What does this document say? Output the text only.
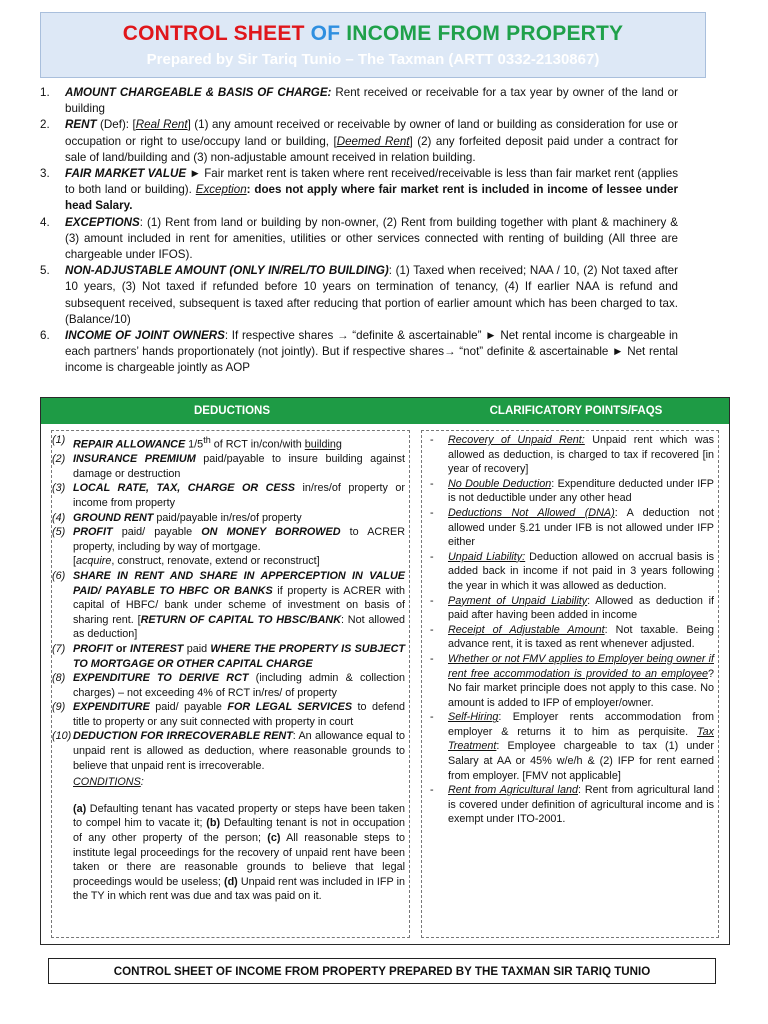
CONTROL SHEET OF INCOME FROM PROPERTY
Prepared by Sir Tariq Tunio – The Taxman (ARTT 0332-2130867)
1.	AMOUNT CHARGEABLE & BASIS OF CHARGE: Rent received or receivable for a tax year by owner of the land or building
2.	RENT (Def): [Real Rent] (1) any amount received or receivable by owner of land or building as consideration for use or occupation or right to use/occupy land or building, [Deemed Rent] (2) any forfeited deposit paid under a contract for sale of land/building and (3) non-adjustable amount received in relation building.
3.	FAIR MARKET VALUE ► Fair market rent is taken where rent received/receivable is less than fair market rent (applies to both land or building). Exception: does not apply where fair market rent is included in income of lessee under head Salary.
4.	EXCEPTIONS: (1) Rent from land or building by non-owner, (2) Rent from building together with plant & machinery & (3) amount included in rent for amenities, utilities or other services connected with renting of building (All three are chargeable under IFOS).
5.	NON-ADJUSTABLE AMOUNT (ONLY IN/REL/TO BUILDING): (1) Taxed when received; NAA / 10, (2) Not taxed after 10 years, (3) Not taxed if refunded before 10 years on termination of tenancy, (4) If earlier NAA is refund and subsequent received, subsequent is taxed after reducing that portion of earlier amount which has been charged to tax. (Balance/10)
6.	INCOME OF JOINT OWNERS: If respective shares → “definite & ascertainable” ► Net rental income is chargeable in each partners’ hands proportionately (not jointly). But if respective shares→ “not” definite & ascertainable ► Net rental income is chargeable jointly as AOP
DEDUCTIONS	CLARIFICATORY POINTS/FAQS
(1) REPAIR ALLOWANCE 1/5th of RCT in/con/with building
(2) INSURANCE PREMIUM paid/payable to insure building against damage or destruction
(3) LOCAL RATE, TAX, CHARGE OR CESS in/res/of property or income from property
(4) GROUND RENT paid/payable in/res/of property
(5) PROFIT paid/ payable ON MONEY BORROWED to ACRER property, including by way of mortgage.
[acquire, construct, renovate, extend or reconstruct]
(6) SHARE IN RENT AND SHARE IN APPERCEPTION IN VALUE PAID/ PAYABLE TO HBFC OR BANKS if property is ACRER with capital of HBFC/ bank under scheme of investment on basis of sharing rent. [RETURN OF CAPITAL TO HBSC/BANK: Not allowed as deduction]
(7) PROFIT or INTEREST paid WHERE THE PROPERTY IS SUBJECT TO MORTGAGE OR OTHER CAPITAL CHARGE
(8) EXPENDITURE TO DERIVE RCT (including admin & collection charges) – not exceeding 4% of RCT in/res/ of property
(9) EXPENDITURE paid/ payable FOR LEGAL SERVICES to defend title to property or any suit connected with property in court
(10) DEDUCTION FOR IRRECOVERABLE RENT: An allowance equal to unpaid rent is allowed as deduction, where reasonable grounds to believe that unpaid rent is irrecoverable.
CONDITIONS:
(a) Defaulting tenant has vacated property or steps have been taken to compel him to vacate it; (b) Defaulting tenant is not in occupation of any other property of the person; (c) All reasonable steps to institute legal proceedings for the recovery of unpaid rent have been taken or there are reasonable grounds to believe that legal proceedings would be useless; (d) Unpaid rent was included in IFP in the TY in which rent was due and tax was paid on it.
- Recovery of Unpaid Rent: Unpaid rent which was allowed as deduction, is charged to tax if recovered [in year of recovery]
- No Double Deduction: Expenditure deducted under IFP is not deductible under any other head
- Deductions Not Allowed (DNA): A deduction not allowed under §.21 under IFB is not allowed under IFP either
- Unpaid Liability: Deduction allowed on accrual basis is added back in income if not paid in 3 years following the year in which it was allowed as deduction.
- Payment of Unpaid Liability: Allowed as deduction if paid after having been added in income
- Receipt of Adjustable Amount: Not taxable. Being advance rent, it is taxed as rent whenever adjusted.
- Whether or not FMV applies to Employer being owner if rent free accommodation is provided to an employee? No fair market principle does not apply to this case. No amount is added to IFP of employer/owner.
- Self-Hiring: Employer rents accommodation from employer & returns it to him as perquisite. Tax Treatment: Employee chargeable to tax (1) under Salary at AA or 45% w/e/h & (2) IFP for rent earned from employer. [FMV not applicable]
- Rent from Agricultural land: Rent from agricultural land is covered under definition of agricultural income and is exempt under ITO-2001.
CONTROL SHEET OF INCOME FROM PROPERTY PREPARED BY THE TAXMAN SIR TARIQ TUNIO
